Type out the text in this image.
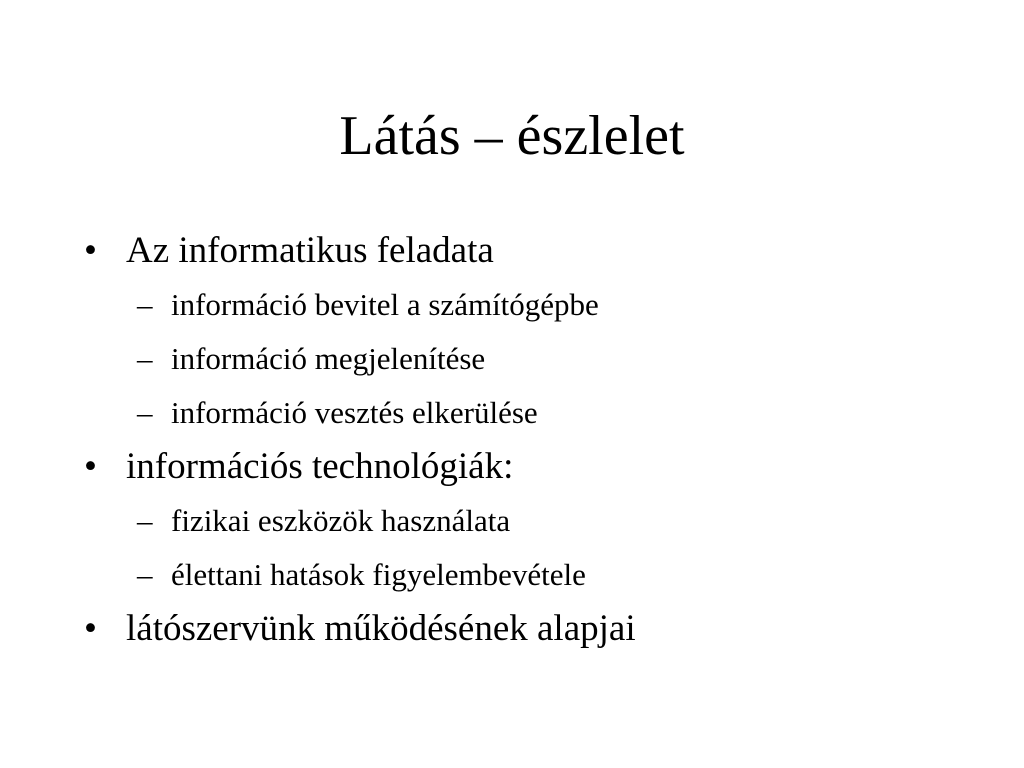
Látás – észlelet
• Az informatikus feladata
– információ bevitel a számítógépbe
– információ megjelenítése
– információ vesztés elkerülése
• információs technológiák:
– fizikai eszközök használata
– élettani hatások figyelembevétele
• látószervünk működésének alapjai
